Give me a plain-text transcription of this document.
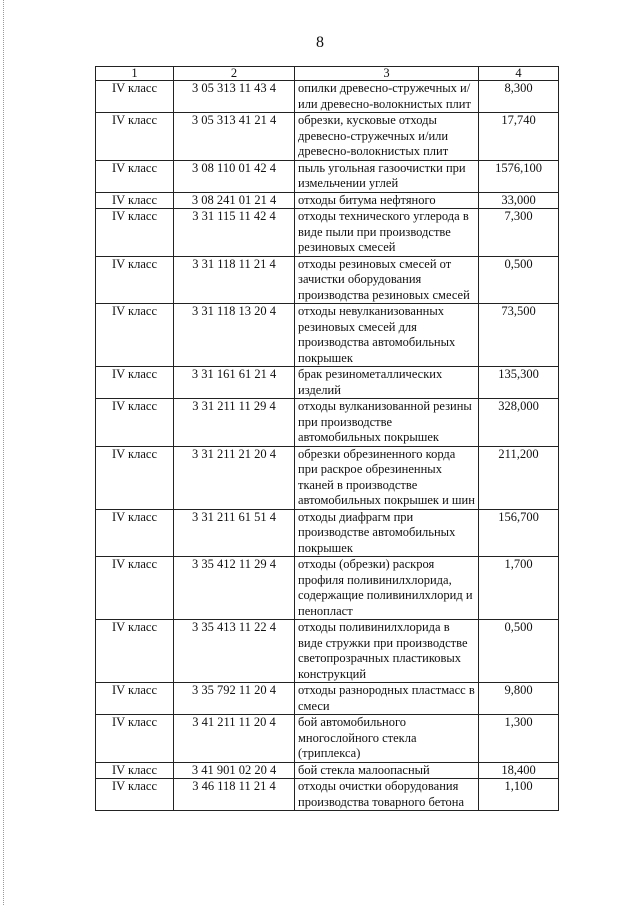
8
1	2	3	4
IV класс	3 05 313 11 43 4	опилки древесно-стружечных и/или древесно-волокнистых плит	8,300
IV класс	3 05 313 41 21 4	обрезки, кусковые отходы древесно-стружечных и/или древесно-волокнистых плит	17,740
IV класс	3 08 110 01 42 4	пыль угольная газоочистки при измельчении углей	1576,100
IV класс	3 08 241 01 21 4	отходы битума нефтяного	33,000
IV класс	3 31 115 11 42 4	отходы технического углерода в виде пыли при производстве резиновых смесей	7,300
IV класс	3 31 118 11 21 4	отходы резиновых смесей от зачистки оборудования производства резиновых смесей	0,500
IV класс	3 31 118 13 20 4	отходы невулканизованных резиновых смесей для производства автомобильных покрышек	73,500
IV класс	3 31 161 61 21 4	брак резинометаллических изделий	135,300
IV класс	3 31 211 11 29 4	отходы вулканизованной резины при производстве автомобильных покрышек	328,000
IV класс	3 31 211 21 20 4	обрезки обрезиненного корда при раскрое обрезиненных тканей в производстве автомобильных покрышек и шин	211,200
IV класс	3 31 211 61 51 4	отходы диафрагм при производстве автомобильных покрышек	156,700
IV класс	3 35 412 11 29 4	отходы (обрезки) раскроя профиля поливинилхлорида, содержащие поливинилхлорид и пенопласт	1,700
IV класс	3 35 413 11 22 4	отходы поливинилхлорида в виде стружки при производстве светопрозрачных пластиковых конструкций	0,500
IV класс	3 35 792 11 20 4	отходы разнородных пластмасс в смеси	9,800
IV класс	3 41 211 11 20 4	бой автомобильного многослойного стекла (триплекса)	1,300
IV класс	3 41 901 02 20 4	бой стекла малоопасный	18,400
IV класс	3 46 118 11 21 4	отходы очистки оборудования производства товарного бетона	1,100
